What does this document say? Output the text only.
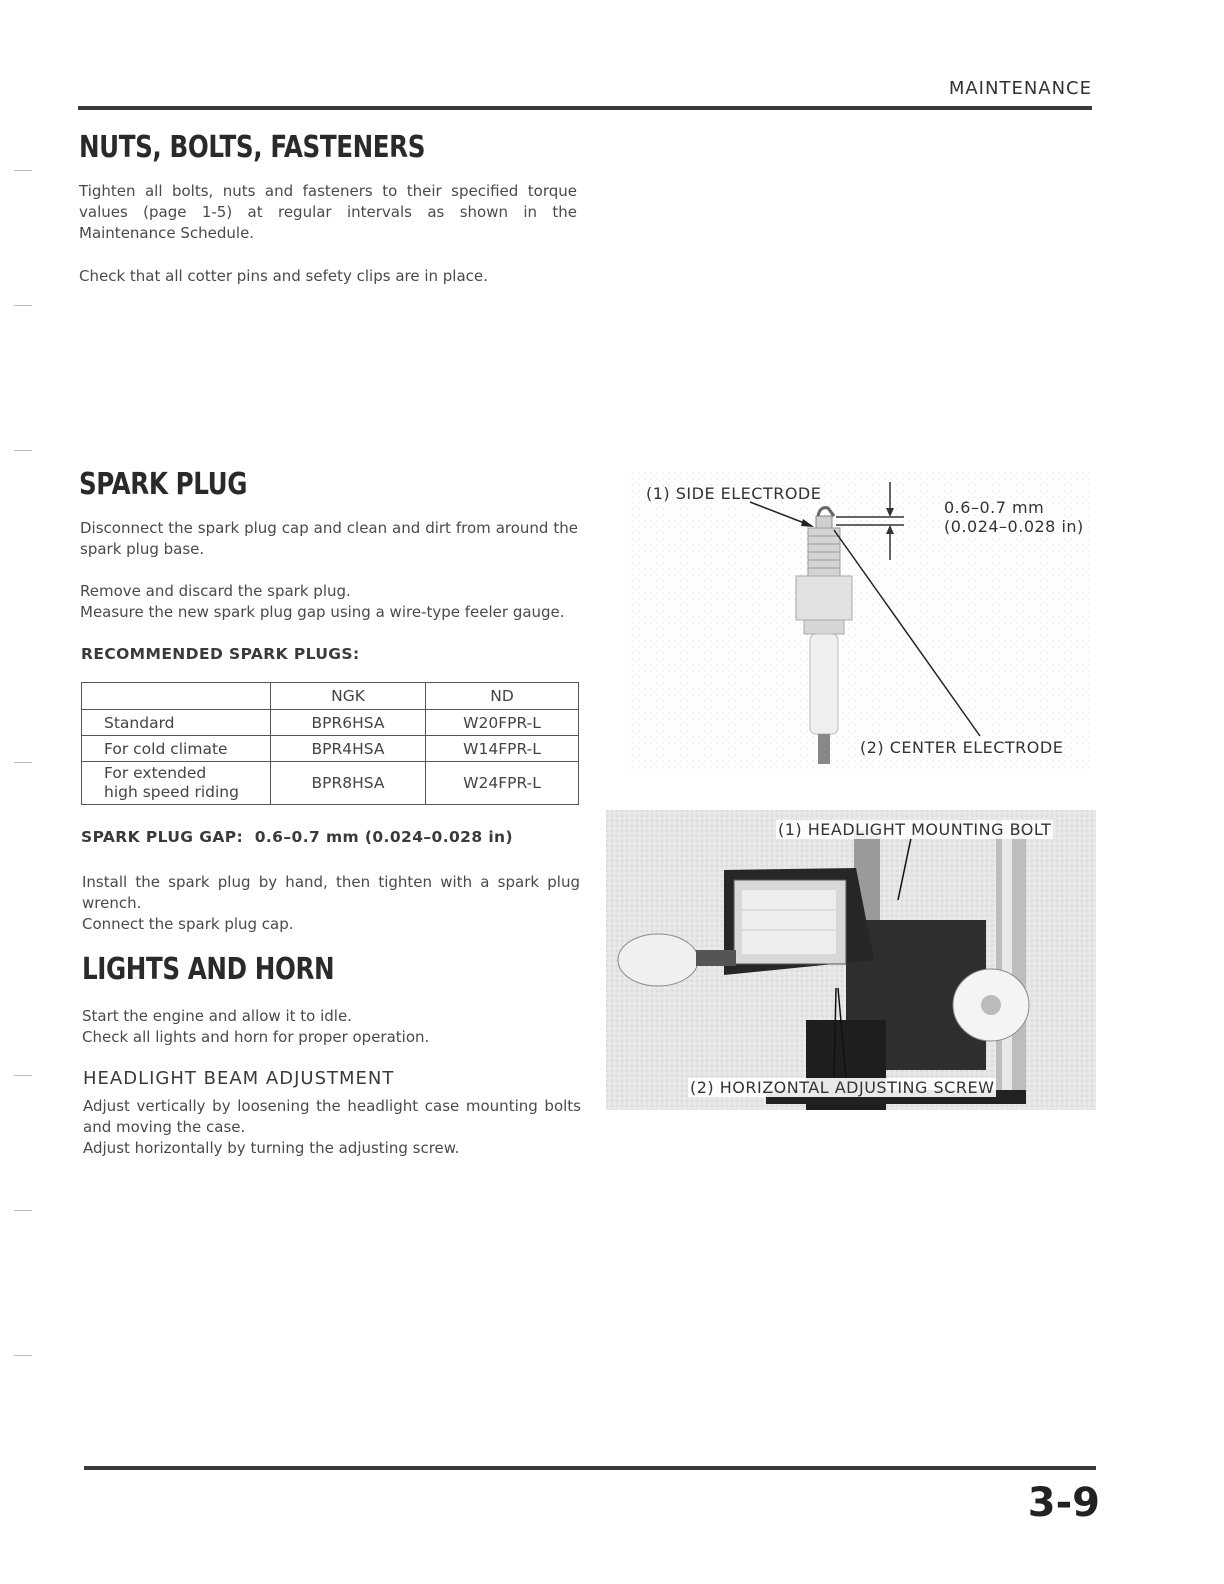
MAINTENANCE
NUTS, BOLTS, FASTENERS

Tighten all bolts, nuts and fasteners to their specified torque values (page 1-5) at regular intervals as shown in the Maintenance Schedule.

Check that all cotter pins and sefety clips are in place.

SPARK PLUG

Disconnect the spark plug cap and clean and dirt from around the spark plug base.

Remove and discard the spark plug.

Measure the new spark plug gap using a wire-type feeler gauge.

RECOMMENDED SPARK PLUGS:
	NGK	ND
Standard	BPR6HSA	W20FPR-L
For cold climate	BPR4HSA	W14FPR-L
For extended
high speed riding	BPR8HSA	W24FPR-L
SPARK PLUG GAP: 0.6–0.7 mm (0.024–0.028 in)

Install the spark plug by hand, then tighten with a spark plug wrench.

Connect the spark plug cap.

LIGHTS AND HORN

Start the engine and allow it to idle.

Check all lights and horn for proper operation.

HEADLIGHT BEAM ADJUSTMENT

Adjust vertically by loosening the headlight case mounting bolts and moving the case.

Adjust horizontally by turning the adjusting screw.

(1) SIDE ELECTRODE
0.6–0.7 mm
(0.024–0.028 in)
(2) CENTER ELECTRODE
(1) HEADLIGHT MOUNTING BOLT
(2) HORIZONTAL ADJUSTING SCREW
3-9
